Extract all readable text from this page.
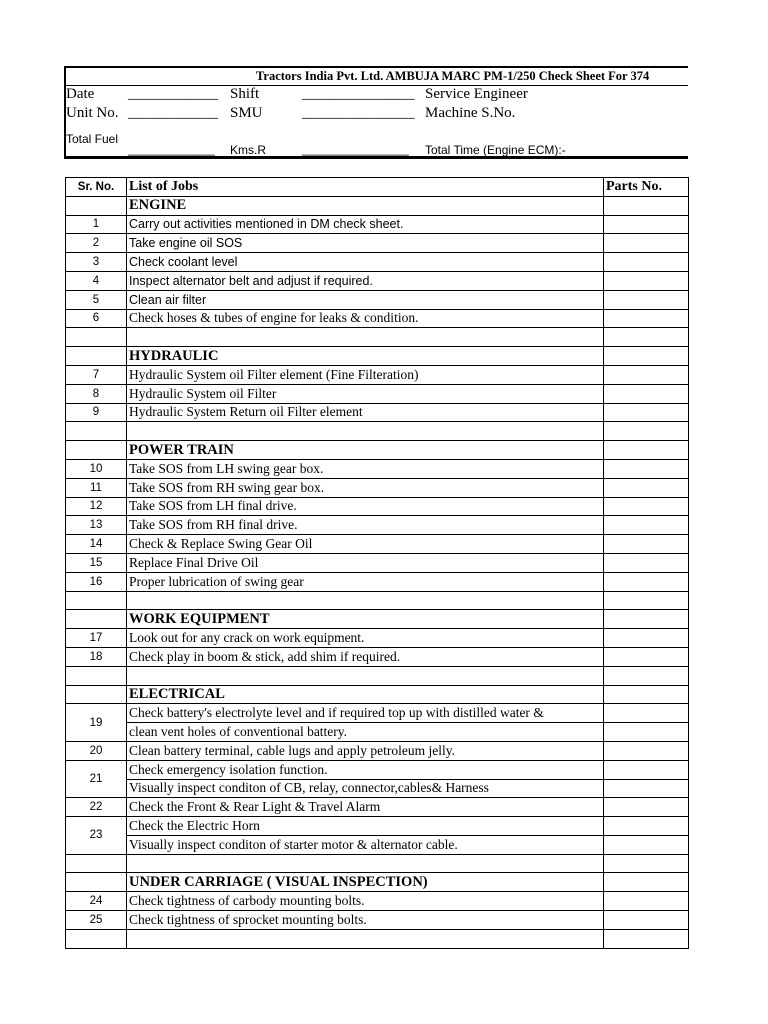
Tractors India Pvt. Ltd. AMBUJA MARC PM-1/250 Check Sheet For 374
Date ____________ Shift	_______________ Service Engineer
Unit No. ____________ SMU	_______________ Machine S.No.
Total Fuel
_____________ Kms.R	________________ Total Time (Engine ECM):-
Sr. No.	List of Jobs	Parts No.
	ENGINE	
1	Carry out activities mentioned in DM check sheet.	
2	Take engine oil SOS	
3	Check coolant level	
4	Inspect alternator belt and adjust if required.	
5	Clean air filter	
6	Check hoses & tubes of engine for leaks & condition.	

	HYDRAULIC	
7	Hydraulic System oil Filter element (Fine Filteration)	
8	Hydraulic System oil Filter	
9	Hydraulic System Return oil Filter element	

	POWER TRAIN	
10	Take SOS from LH swing gear box.	
11	Take SOS from RH swing gear box.	
12	Take SOS from LH final drive.	
13	Take SOS from RH final drive.	
14	Check & Replace Swing Gear Oil	
15	Replace Final Drive Oil	
16	Proper lubrication of swing gear	

	WORK EQUIPMENT	
17	Look out for any crack on work equipment.	
18	Check play in boom & stick, add shim if required.	

	ELECTRICAL	
19	Check battery's electrolyte level and if required top up with distilled water &	
	clean vent holes of conventional battery.	
20	Clean battery terminal, cable lugs and apply petroleum jelly.	
21	Check emergency isolation function.	
	Visually inspect conditon of CB, relay, connector,cables& Harness	
22	Check the Front & Rear Light & Travel Alarm	
23	Check the Electric Horn	
	Visually inspect conditon of starter motor & alternator cable.	

	UNDER CARRIAGE ( VISUAL INSPECTION)	
24	Check tightness of carbody mounting bolts.	
25	Check tightness of sprocket mounting bolts.	
